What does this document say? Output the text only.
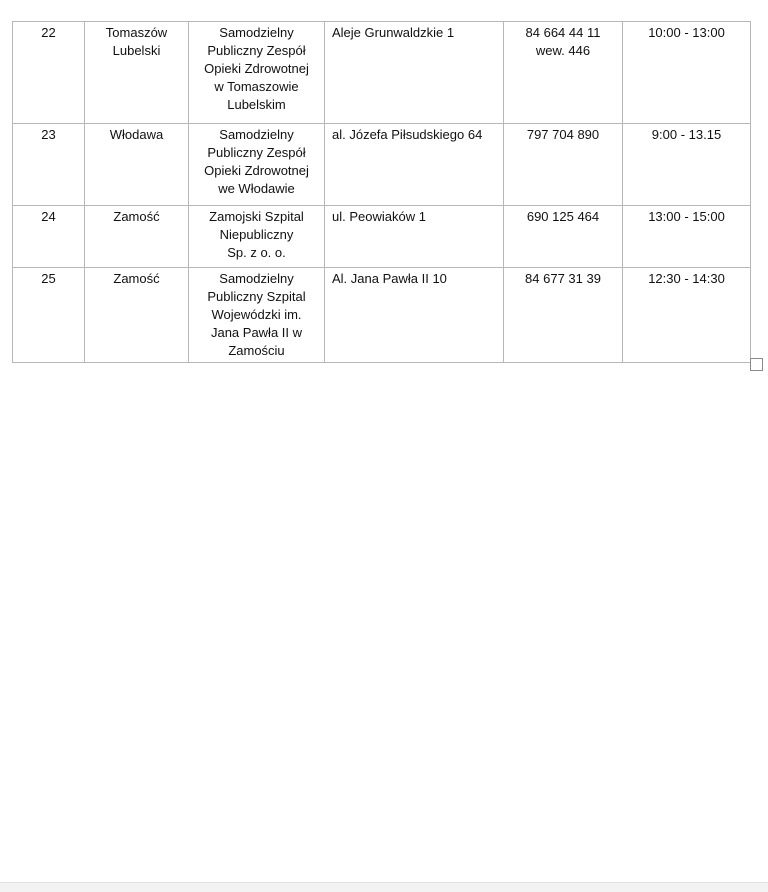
22	Tomaszów
Lubelski	Samodzielny
Publiczny Zespół
Opieki Zdrowotnej
w Tomaszowie
Lubelskim	Aleje Grunwaldzkie 1	84 664 44 11
wew. 446	10:00 - 13:00
23	Włodawa	Samodzielny
Publiczny Zespół
Opieki Zdrowotnej
we Włodawie	al. Józefa Piłsudskiego 64	797 704 890	9:00 - 13.15
24	Zamość	Zamojski Szpital
Niepubliczny
Sp. z o. o.	ul. Peowiaków 1	690 125 464	13:00 - 15:00
25	Zamość	Samodzielny
Publiczny Szpital
Wojewódzki im.
Jana Pawła II w
Zamościu	Al. Jana Pawła II 10	84 677 31 39	12:30 - 14:30
